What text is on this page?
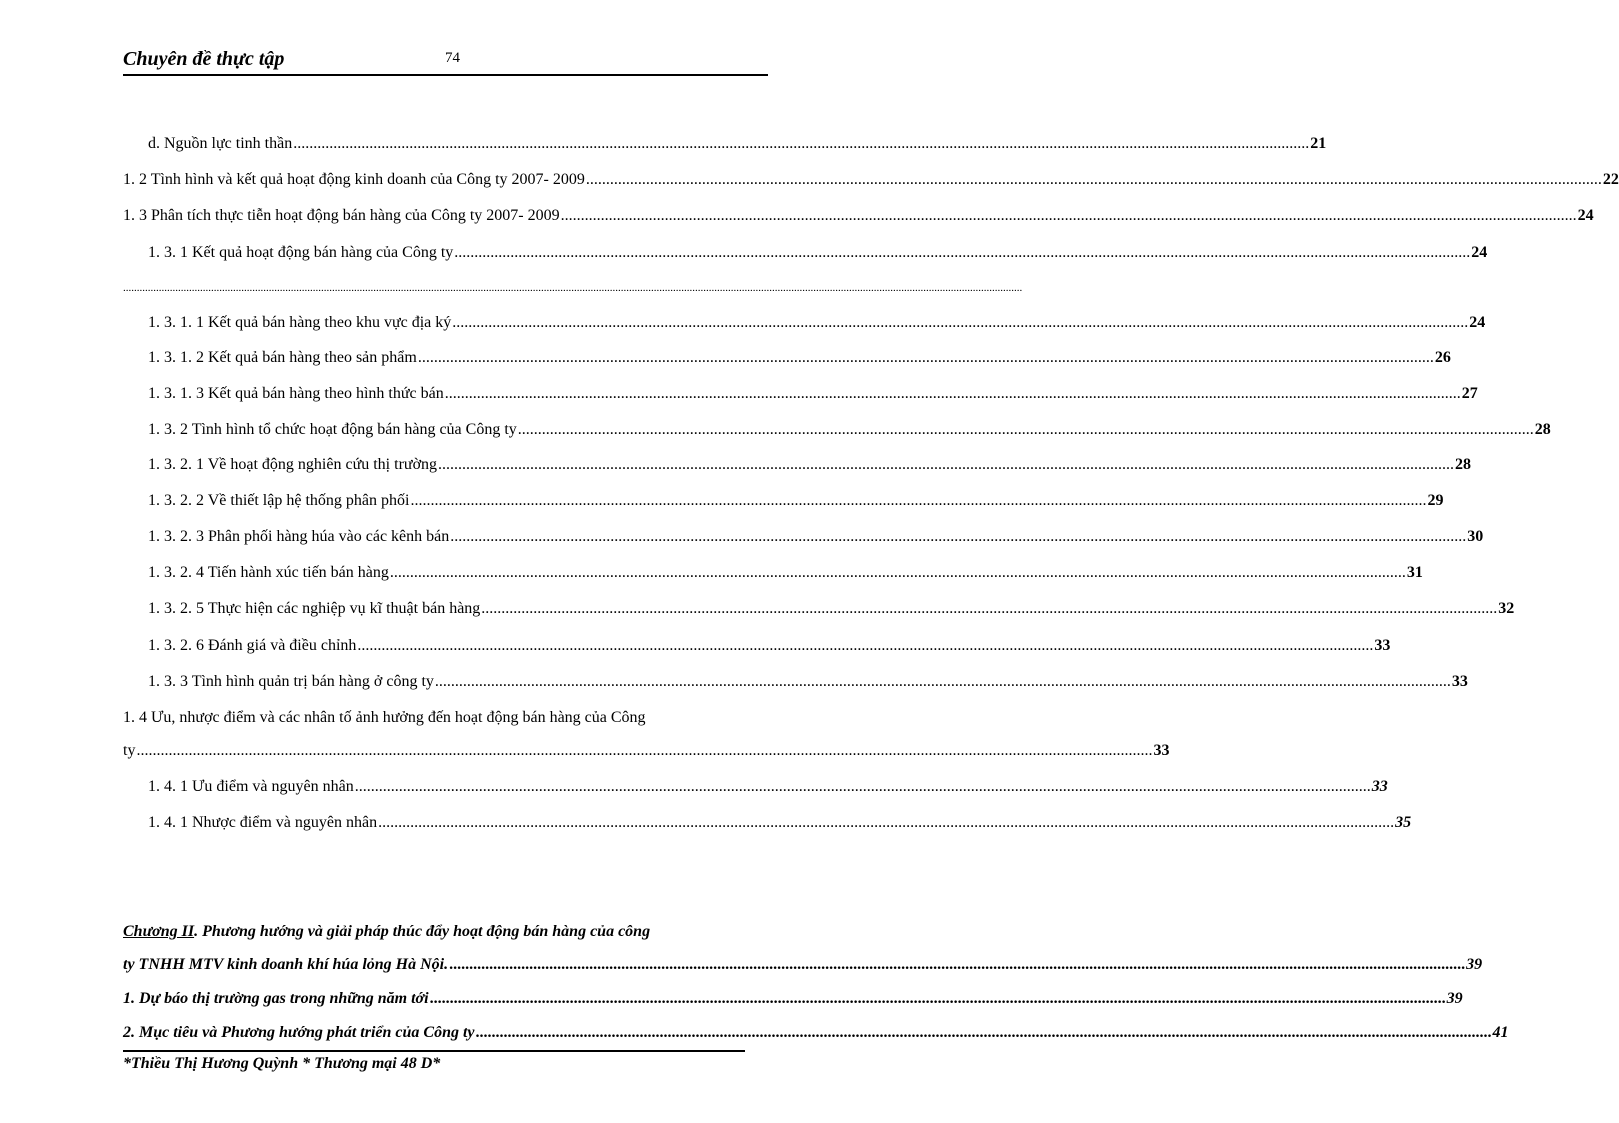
Chuyên đề thực tập	74
d. Nguồn lực tinh thần .....	21
1. 2 Tình hình và kết quả hoạt động kinh doanh của Công ty 2007- 2009 .....	22
1. 3 Phân tích thực tiễn hoạt động bán hàng của Công ty 2007- 2009 .....	24
1. 3. 1 Kết quả hoạt động bán hàng của Công ty .....	24
.......................................................................................................................................................................................................................................................................................................................................
1. 3. 1. 1 Kết quả bán hàng theo khu vực địa ký .....	24
1. 3. 1. 2 Kết quả bán hàng theo sản phẩm .....	26
1. 3. 1. 3 Kết quả bán hàng theo hình thức bán .....	27
1. 3. 2 Tình hình tổ chức hoạt động bán hàng của Công ty .....	28
1. 3. 2. 1 Về hoạt động nghiên cứu thị trường .....	28
1. 3. 2. 2 Về thiết lập hệ thống phân phối .....	29
1. 3. 2. 3 Phân phối hàng húa vào các kênh bán .....	30
1. 3. 2. 4 Tiến hành xúc tiến bán hàng .....	31
1. 3. 2. 5 Thực hiện các nghiệp vụ kĩ thuật bán hàng .....	32
1. 3. 2. 6 Đánh giá và điều chỉnh .....	33
1. 3. 3 Tình hình quản trị bán hàng ở công ty .....	33
1. 4 Ưu, nhược điểm và các nhân tố ảnh hưởng đến hoạt động bán hàng của Công
ty .....	33
1. 4. 1 Ưu điểm và nguyên nhân .....	33
1. 4. 1 Nhược điểm và nguyên nhân .....	35
Chương II. Phương hướng và giải pháp thúc đẩy hoạt động bán hàng của công
ty TNHH MTV kinh doanh khí húa lỏng Hà Nội. .....	39
1. Dự báo thị trường gas trong những năm tới .....	39
2. Mục tiêu và Phương hướng phát triển của Công ty .....	41
*Thiều Thị Hương Quỳnh * Thương mại 48 D*
